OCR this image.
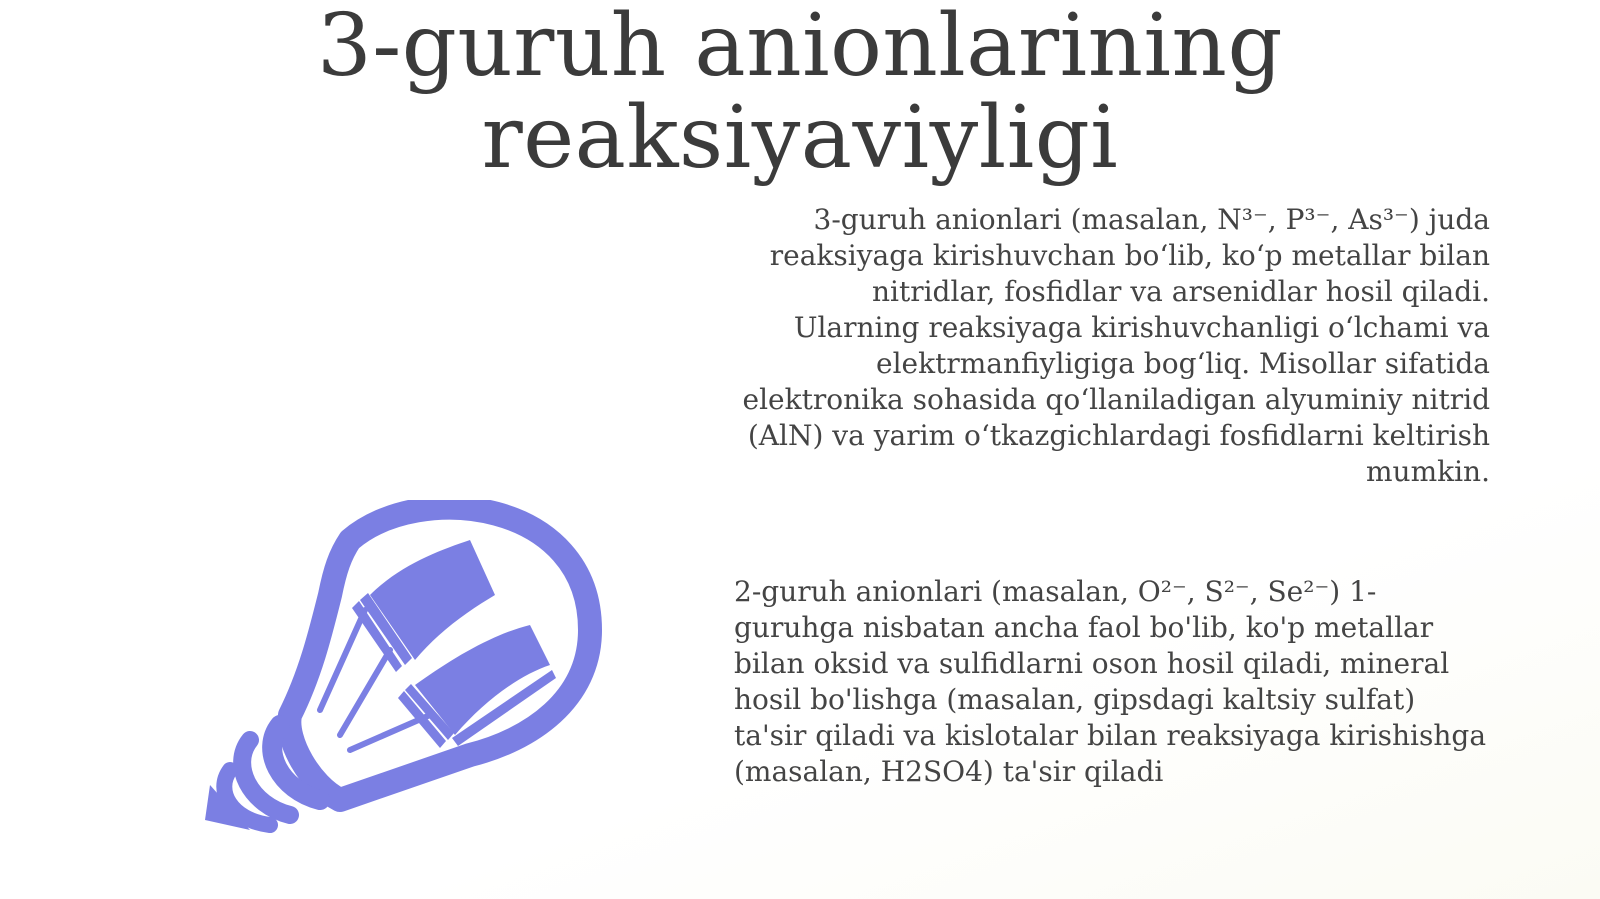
3-guruh anionlarining reaksiyaviyligi

3-guruh anionlari (masalan, N³⁻, P³⁻, As³⁻) juda reaksiyaga kirishuvchan bo‘lib, ko‘p metallar bilan nitridlar, fosfidlar va arsenidlar hosil qiladi. Ularning reaksiyaga kirishuvchanligi o‘lchami va elektrmanfiyligiga bog‘liq. Misollar sifatida elektronika sohasida qo‘llaniladigan alyuminiy nitrid (AlN) va yarim o‘tkazgichlardagi fosfidlarni keltirish mumkin.

2-guruh anionlari (masalan, O²⁻, S²⁻, Se²⁻) 1-guruhga nisbatan ancha faol bo'lib, ko'p metallar bilan oksid va sulfidlarni oson hosil qiladi, mineral hosil bo'lishga (masalan, gipsdagi kaltsiy sulfat) ta'sir qiladi va kislotalar bilan reaksiyaga kirishishga (masalan, H2SO4) ta'sir qiladi
